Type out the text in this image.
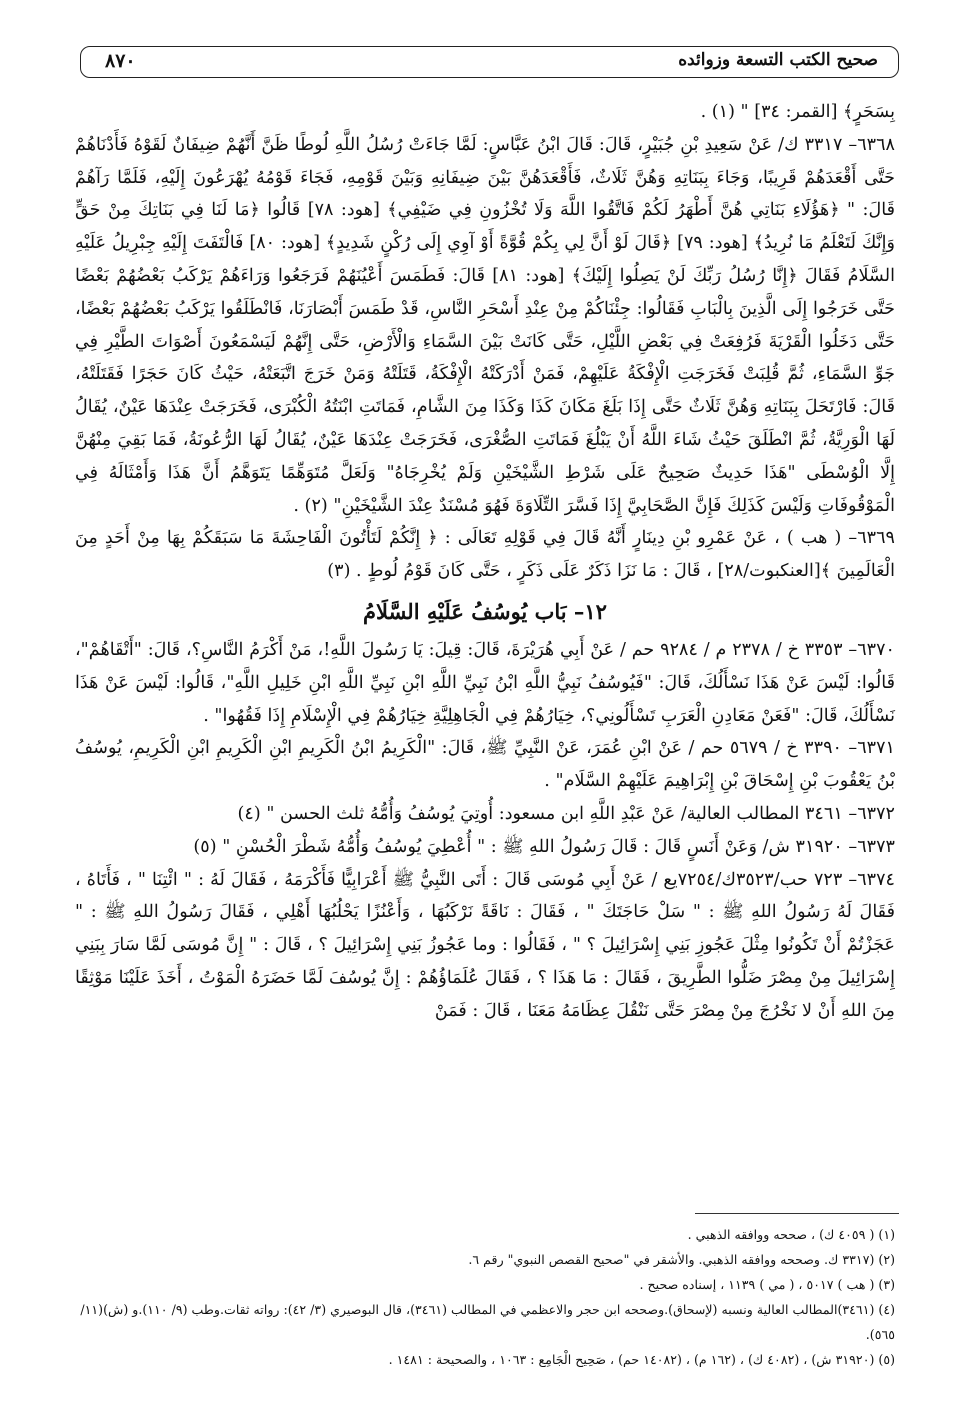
صحيح الكتب التسعة وزوائده
٨٧٠

بِسَحَرٍ﴾ [القمر: ٣٤] " (١) .

٦٣٦٨– ٣٣١٧ ك/ عَنْ سَعِيدِ بْنِ جُبَيْرٍ، قَالَ: قَالَ ابْنُ عَبَّاسٍ: لَمَّا جَاءَتْ رُسُلُ اللَّهِ لُوطًا ظَنَّ أَنَّهُمْ ضِيفَانٌ لَقَوْهُ فَأَدْنَاهُمْ حَتَّى أَقْعَدَهُمْ قَرِيبًا، وَجَاءَ بِبَنَاتِهِ وَهُنَّ ثَلَاثٌ، فَأَقْعَدَهُنَّ بَيْنَ ضِيفَانِهِ وَبَيْنَ قَوْمِهِ، فَجَاءَ قَوْمُهُ يُهْرَعُونَ إِلَيْهِ، فَلَمَّا رَآهُمْ قَالَ: " ﴿هَؤُلَاءِ بَنَاتِي هُنَّ أَطْهَرُ لَكُمْ فَاتَّقُوا اللَّهَ وَلَا تُخْزُونِ فِي ضَيْفِي﴾ [هود: ٧٨] قَالُوا ﴿مَا لَنَا فِي بَنَاتِكَ مِنْ حَقٍّ وَإِنَّكَ لَتَعْلَمُ مَا نُرِيدُ﴾ [هود: ٧٩] ﴿قَالَ لَوْ أَنَّ لِي بِكُمْ قُوَّةً أَوْ آوِي إِلَى رُكْنٍ شَدِيدٍ﴾ [هود: ٨٠] فَالْتَفَتَ إِلَيْهِ جِبْرِيلُ عَلَيْهِ السَّلَامُ فَقَالَ ﴿إِنَّا رُسُلُ رَبِّكَ لَنْ يَصِلُوا إِلَيْكَ﴾ [هود: ٨١] قَالَ: فَطَمَسَ أَعْيُنَهُمْ فَرَجَعُوا وَرَاءَهُمْ يَرْكَبُ بَعْضُهُمْ بَعْضًا حَتَّى خَرَجُوا إِلَى الَّذِينَ بِالْبَابِ فَقَالُوا: جِئْنَاكُمْ مِنْ عِنْدِ أَسْحَرِ النَّاسِ، قَدْ طَمَسَ أَبْصَارَنَا، فَانْطَلَقُوا يَرْكَبُ بَعْضُهُمْ بَعْضًا، حَتَّى دَخَلُوا الْقَرْيَةَ فَرُفِعَتْ فِي بَعْضِ اللَّيْلِ، حَتَّى كَانَتْ بَيْنَ السَّمَاءِ وَالْأَرْضِ، حَتَّى إِنَّهُمْ لَيَسْمَعُونَ أَصْوَاتَ الطَّيْرِ فِي جَوِّ السَّمَاءِ، ثُمَّ قُلِبَتْ فَخَرَجَتِ الْإِفْكَةُ عَلَيْهِمْ، فَمَنْ أَدْرَكَتْهُ الْإِفْكَةُ، قَتَلَتْهُ وَمَنْ خَرَجَ اتَّبَعَتْهُ، حَيْثُ كَانَ حَجَرًا فَقَتَلَتْهُ، قَالَ: فَارْتَحَلَ بِبَنَاتِهِ وَهُنَّ ثَلَاثٌ حَتَّى إِذَا بَلَغَ مَكَانَ كَذَا وَكَذَا مِنَ الشَّامِ، فَمَاتَتِ ابْنَتُهُ الْكُبْرَى، فَخَرَجَتْ عِنْدَهَا عَيْنٌ، يُقَالُ لَهَا الْوَرِيَّةُ، ثُمَّ انْطَلَقَ حَيْثُ شَاءَ اللَّهُ أَنْ يَبْلُغَ فَمَاتَتِ الصُّغْرَى، فَخَرَجَتْ عِنْدَهَا عَيْنٌ، يُقَالُ لَهَا الرُّعُونَةُ، فَمَا بَقِيَ مِنْهُنَّ إِلَّا الْوُسْطَى "هَذَا حَدِيثٌ صَحِيحٌ عَلَى شَرْطِ الشَّيْخَيْنِ وَلَمْ يُخْرِجَاهُ" وَلَعَلَّ مُتَوَهِّمًا يَتَوَهَّمُ أَنَّ هَذَا وَأَمْثَالَهُ فِي الْمَوْقُوفَاتِ وَلَيْسَ كَذَلِكَ فَإِنَّ الصَّحَابِيَّ إِذَا فَسَّرَ التِّلَاوَةَ فَهُوَ مُسْنَدٌ عِنْدَ الشَّيْخَيْنِ" (٢) .

٦٣٦٩– ( هب ) ، عَنْ عَمْرِو بْنِ دِينَارٍ أَنَّهُ قَالَ فِي قَوْلِهِ تَعَالَى : ﴿ إِنَّكُمْ لَتَأْتُونَ الْفَاحِشَةَ مَا سَبَقَكُمْ بِهَا مِنْ أَحَدٍ مِنَ الْعَالَمِينَ ﴾[العنكبوت/٢٨] ، قَالَ : مَا نَزَا ذَكَرٌ عَلَى ذَكَرٍ ، حَتَّى كَانَ قَوْمُ لُوطٍ . (٣)

١٢– بَاب يُوسُفُ عَلَيْهِ السَّلَامُ

٦٣٧٠– ٣٣٥٣ خ / ٢٣٧٨ م / ٩٢٨٤ حم / عَنْ أَبِي هُرَيْرَةَ، قَالَ: قِيلَ: يَا رَسُولَ اللَّهِ!، مَنْ أَكْرَمُ النَّاسِ؟، قَالَ: "أَتْقَاهُمْ"، قَالُوا: لَيْسَ عَنْ هَذَا نَسْأَلُكَ، قَالَ: "فَيُوسُفُ نَبِيُّ اللَّهِ ابْنُ نَبِيِّ اللَّهِ ابْنِ نَبِيِّ اللَّهِ ابْنِ خَلِيلِ اللَّهِ"، قَالُوا: لَيْسَ عَنْ هَذَا نَسْأَلُكَ، قَالَ: "فَعَنْ مَعَادِنِ الْعَرَبِ تَسْأَلُونِي؟، خِيَارُهُمْ فِي الْجَاهِلِيَّةِ خِيَارُهُمْ فِي الْإِسْلَامِ إِذَا فَقُهُوا" .

٦٣٧١– ٣٣٩٠ خ / ٥٦٧٩ حم / عَنْ ابْنِ عُمَرَ، عَنْ النَّبِيِّ ﷺ، قَالَ: "الْكَرِيمُ ابْنُ الْكَرِيمِ ابْنِ الْكَرِيمِ ابْنِ الْكَرِيمِ، يُوسُفُ بْنُ يَعْقُوبَ بْنِ إِسْحَاقَ بْنِ إِبْرَاهِيمَ عَلَيْهِمْ السَّلَام" .

٦٣٧٢– ٣٤٦١ المطالب العالية/ عَنْ عَبْدِ اللَّهِ ابن مسعود: أُوتِيَ يُوسُفُ وَأُمُّهُ ثلث الحسن " (٤)

٦٣٧٣– ٣١٩٢٠ ش/ وَعَنْ أَنَسٍ قَالَ : قَالَ رَسُولُ اللهِ ﷺ : " أُعْطِيَ يُوسُفُ وَأُمُّهُ شَطْرَ الْحُسْنِ " (٥)

٦٣٧٤– ٧٢٣ حب/٣٥٢٣ك/٧٢٥٤يع / عَنْ أَبِي مُوسَى قَالَ : أَتَى النَّبِيُّ ﷺ أَعْرَابِيًّا فَأَكْرَمَهُ ، فَقَالَ لَهُ : " ائْتِنَا " ، فَأَتَاهُ ، فَقَالَ لَهُ رَسُولُ اللهِ ﷺ : " سَلْ حَاجَتَكَ " ، فَقَالَ : نَاقَةً نَرْكَبُهَا ، وَأَعْنُزًا يَحْلُبُهَا أَهْلِي ، فَقَالَ رَسُولُ اللهِ ﷺ : " عَجَزْتُمْ أَنْ تَكُونُوا مِثْلَ عَجُوزِ بَنِي إِسْرَائِيلَ ؟ " ، فَقَالُوا : وما عَجُوزُ بَنِي إِسْرَائِيلَ ؟ ، قَالَ : " إِنَّ مُوسَى لَمَّا سَارَ بِبَنِي إِسْرَائِيلَ مِنْ مِصْرَ ضَلُّوا الطَّرِيقَ ، فَقَالَ : مَا هَذَا ؟ ، فَقَالَ عُلَمَاؤُهُمْ : إِنَّ يُوسُفَ لَمَّا حَضَرَهُ الْمَوْتُ ، أَخَذَ عَلَيْنَا مَوْثِقًا مِنَ اللهِ أَنْ لا نَخْرُجَ مِنْ مِصْرَ حَتَّى نَنْقُلَ عِظَامَهُ مَعَنَا ، قَالَ : فَمَنْ

(١) ( ٤٠٥٩ ك) ، صححه ووافقه الذهبي .

(٢) (٣٣١٧ ك. وصححه ووافقه الذهبي. والأشقر في "صحيح القصص النبوي" رقم ٦.

(٣) ( هب ) ٥٠١٧ ، ( مي ) ١١٣٩ ، إسناده صحيح .

(٤) (٣٤٦١)المطالب العالية ونسبه (لإسحاق).وصححه ابن حجر والاعظمي في المطالب (٣٤٦١)، قال البوصيري (٣/ ٤٢): رواته ثقات.وطب (٩/ ١١٠).و (ش)(١١/ ٥٦٥).

(٥) (٣١٩٢٠ ش) ، (٤٠٨٢ ك) ، (١٦٢ م) ، (١٤٠٨٢ حم) ، صَحِيح الْجَامِع : ١٠٦٣ ، والصحيحة : ١٤٨١ .
